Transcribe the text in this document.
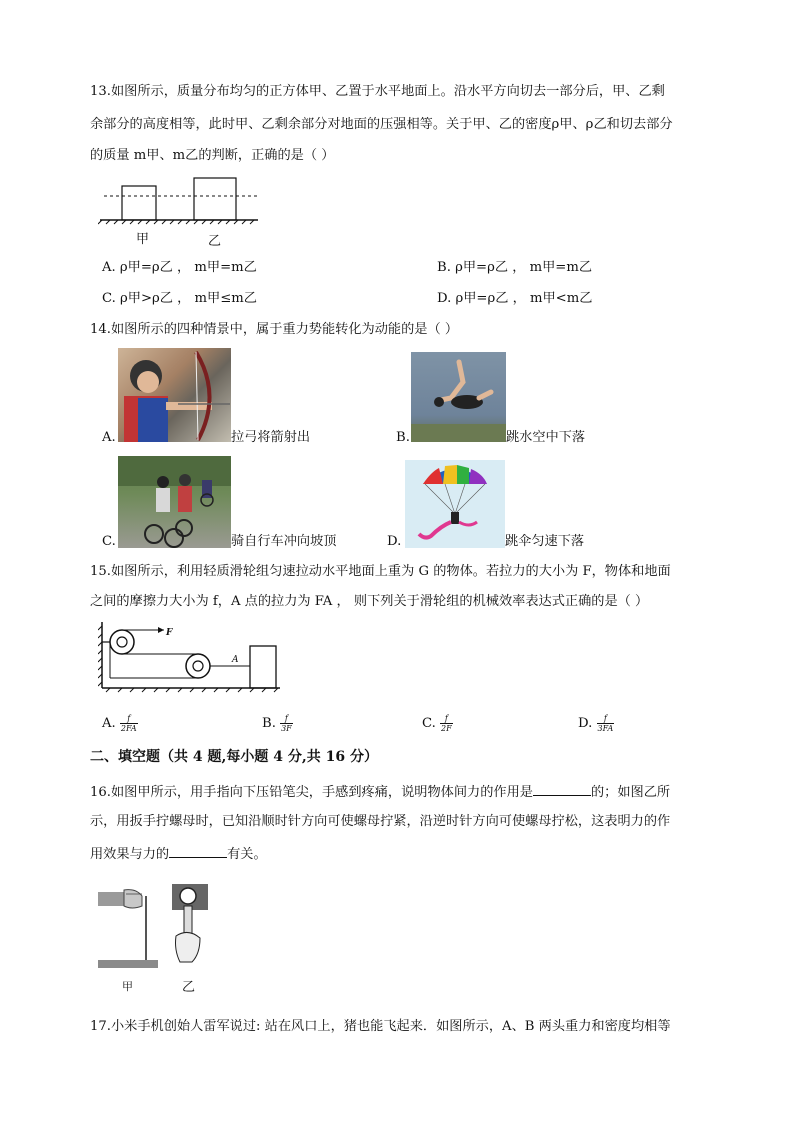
13.如图所示，质量分布均匀的正方体甲、乙置于水平地面上。沿水平方向切去一部分后，甲、乙剩
余部分的高度相等，此时甲、乙剩余部分对地面的压强相等。关于甲、乙的密度ρ甲、ρ乙和切去部分
的质量 m甲、m乙的判断，正确的是（ ）
甲	乙
A. ρ甲=ρ乙 ， m甲=m乙	B. ρ甲=ρ乙 ， m甲=m乙
C. ρ甲>ρ乙 ， m甲≤m乙	D. ρ甲=ρ乙 ， m甲<m乙
14.如图所示的四种情景中，属于重力势能转化为动能的是（ ）
A.	拉弓将箭射出	B.	跳水空中下落
C.	骑自行车冲向坡顶	D.	跳伞匀速下落
15.如图所示，利用轻质滑轮组匀速拉动水平地面上重为 G 的物体。若拉力的大小为 F，物体和地面
之间的摩擦力大小为 f，A 点的拉力为 FA ， 则下列关于滑轮组的机械效率表达式正确的是（ ）
F
A
A. $\frac{f}{2FA}$	B. $\frac{f}{3F}$	C. $\frac{f}{2F}$	D. $\frac{f}{3FA}$
二、填空题（共 4 题,每小题 4 分,共 16 分）
16.如图甲所示，用手指向下压铅笔尖，手感到疼痛，说明物体间力的作用是	的；如图乙所
示，用扳手拧螺母时，已知沿顺时针方向可使螺母拧紧，沿逆时针方向可使螺母拧松，这表明力的作
用效果与力的	有关。
甲	乙
17.小米手机创始人雷军说过: 站在风口上，猪也能飞起来．如图所示，A、B 两头重力和密度均相等
